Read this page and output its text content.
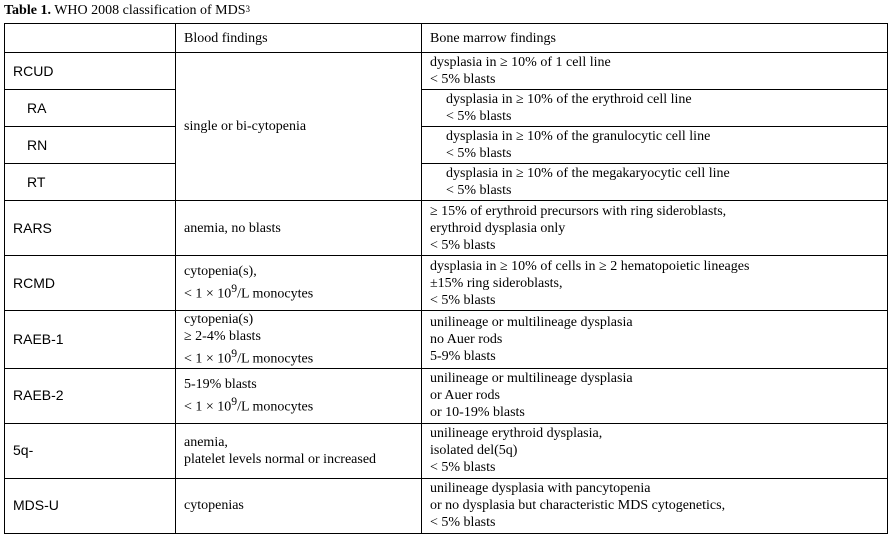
Table 1. WHO 2008 classification of MDS$^3$
	Blood findings	Bone marrow findings
RCUD	single or bi-cytopenia	dysplasia in ≥ 10% of 1 cell line
< 5% blasts

RA		dysplasia in ≥ 10% of the erythroid cell line
< 5% blasts

RN		dysplasia in ≥ 10% of the granulocytic cell line
< 5% blasts

RT		dysplasia in ≥ 10% of the megakaryocytic cell line
< 5% blasts

RARS	anemia, no blasts	≥ 15% of erythroid precursors with ring sideroblasts,
erythroid dysplasia only
< 5% blasts

RCMD	cytopenia(s),
< $1 \times 10^9/L$ monocytes	dysplasia in ≥ 10% of cells in ≥ 2 hematopoietic lineages
±15% ring sideroblasts,
< 5% blasts

RAEB-1	cytopenia(s)
≥ 2-4% blasts
< $1 \times 10^9/L$ monocytes	unilineage or multilineage dysplasia
no Auer rods
5-9% blasts

RAEB-2	5-19% blasts
< $1 \times 10^9/L$ monocytes	unilineage or multilineage dysplasia
or Auer rods
or 10-19% blasts

5q-	anemia,
platelet levels normal or increased	unilineage erythroid dysplasia,
isolated del(5q)
< 5% blasts

MDS-U	cytopenias	unilineage dysplasia with pancytopenia
or no dysplasia but characteristic MDS cytogenetics,
< 5% blasts
